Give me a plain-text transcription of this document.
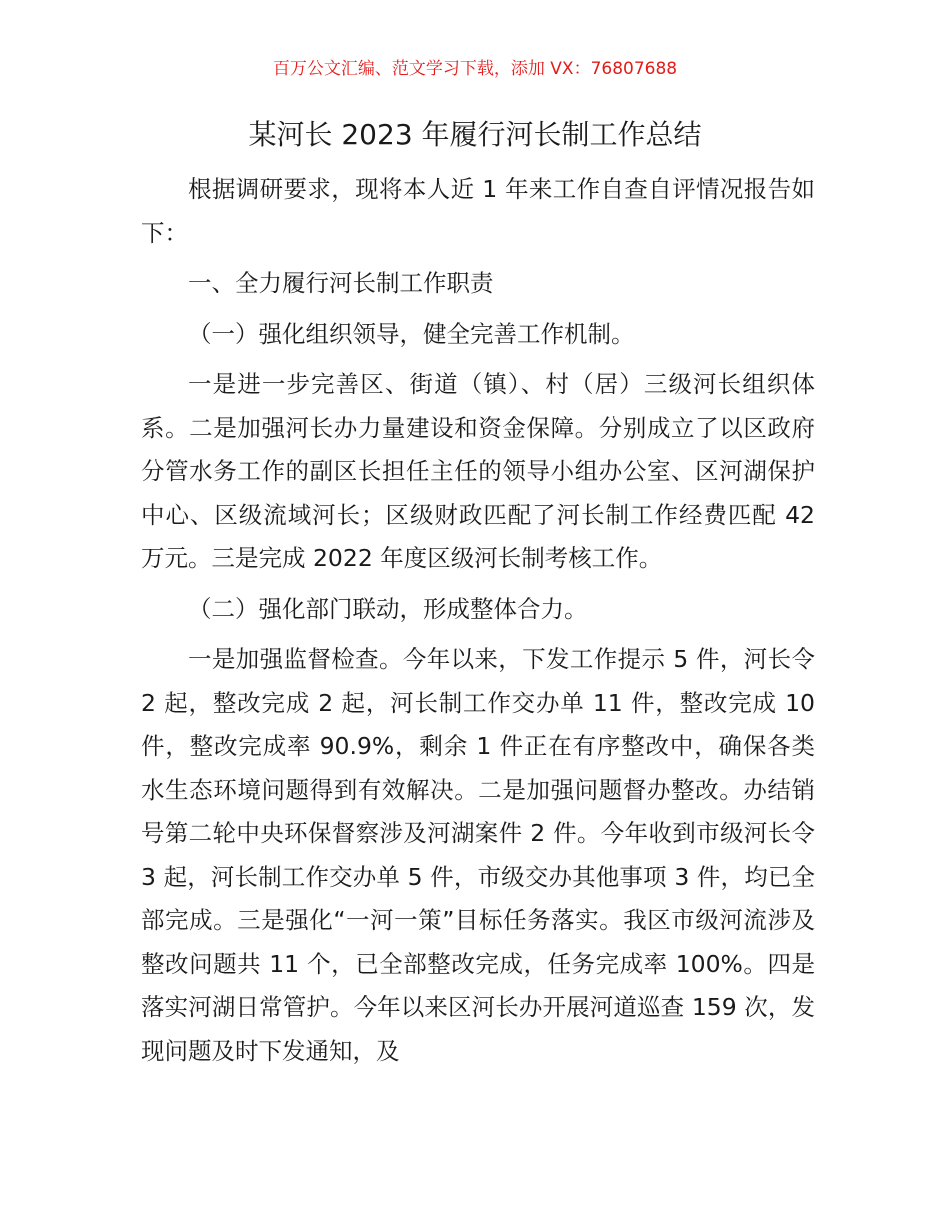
百万公文汇编、范文学习下载，添加 VX：76807688
某河长 2023 年履行河长制工作总结

根据调研要求，现将本人近 1 年来工作自查自评情况报告如下：

一、全力履行河长制工作职责

（一）强化组织领导，健全完善工作机制。

一是进一步完善区、街道（镇）、村（居）三级河长组织体系。二是加强河长办力量建设和资金保障。分别成立了以区政府分管水务工作的副区长担任主任的领导小组办公室、区河湖保护中心、区级流域河长；区级财政匹配了河长制工作经费匹配 42 万元。三是完成 2022 年度区级河长制考核工作。

（二）强化部门联动，形成整体合力。

一是加强监督检查。今年以来，下发工作提示 5 件，河长令 2 起，整改完成 2 起，河长制工作交办单 11 件，整改完成 10 件，整改完成率 90.9%，剩余 1 件正在有序整改中，确保各类水生态环境问题得到有效解决。二是加强问题督办整改。办结销号第二轮中央环保督察涉及河湖案件 2 件。今年收到市级河长令 3 起，河长制工作交办单 5 件，市级交办其他事项 3 件，均已全部完成。三是强化“一河一策”目标任务落实。我区市级河流涉及整改问题共 11 个，已全部整改完成，任务完成率 100%。四是落实河湖日常管护。今年以来区河长办开展河道巡查 159 次，发现问题及时下发通知，及
